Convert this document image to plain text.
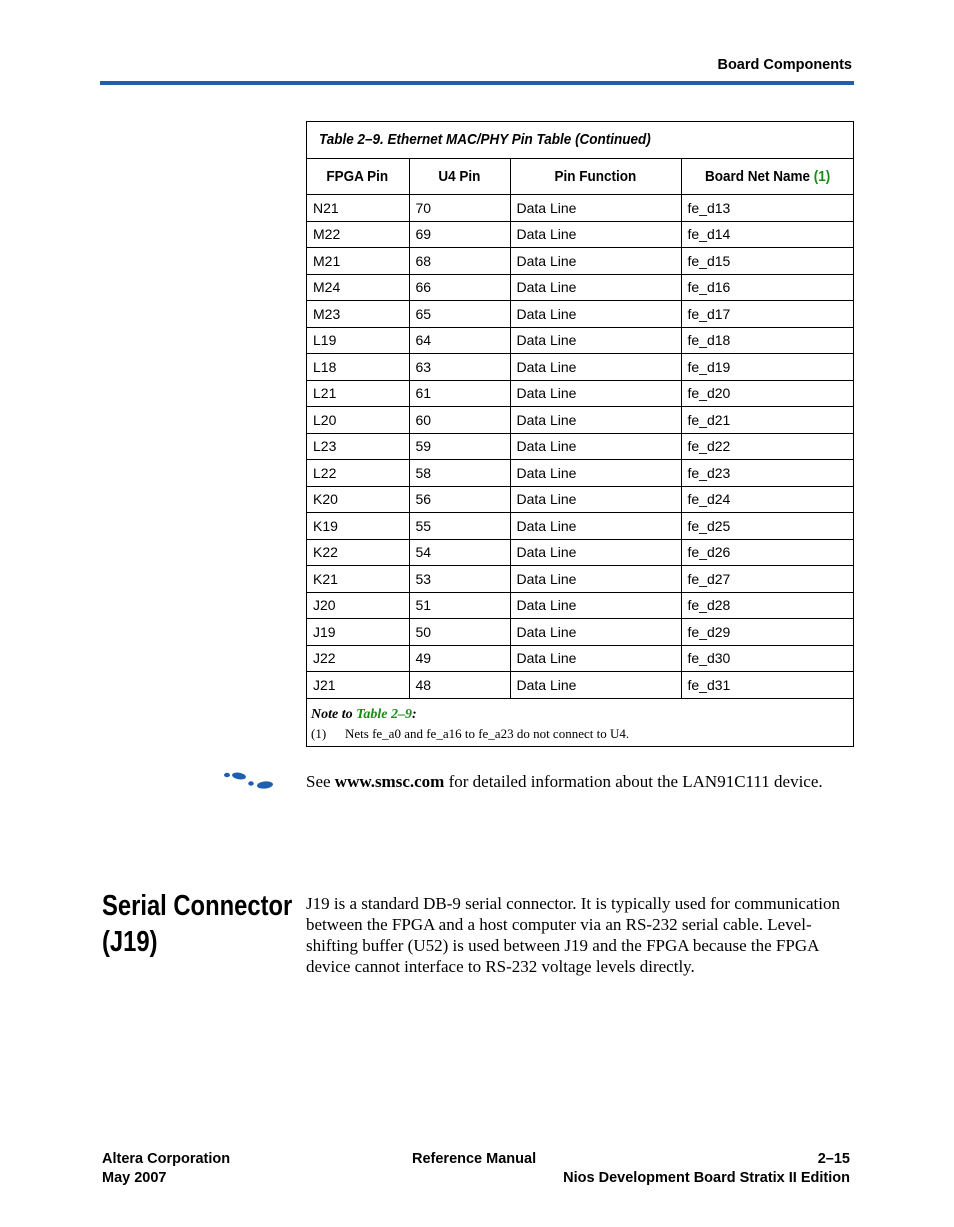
Board Components
Table 2–9. Ethernet MAC/PHY Pin Table (Continued)
FPGA Pin	U4 Pin	Pin Function	Board Net Name (1)
N21	70	Data Line	fe_d13
M22	69	Data Line	fe_d14
M21	68	Data Line	fe_d15
M24	66	Data Line	fe_d16
M23	65	Data Line	fe_d17
L19	64	Data Line	fe_d18
L18	63	Data Line	fe_d19
L21	61	Data Line	fe_d20
L20	60	Data Line	fe_d21
L23	59	Data Line	fe_d22
L22	58	Data Line	fe_d23
K20	56	Data Line	fe_d24
K19	55	Data Line	fe_d25
K22	54	Data Line	fe_d26
K21	53	Data Line	fe_d27
J20	51	Data Line	fe_d28
J19	50	Data Line	fe_d29
J22	49	Data Line	fe_d30
J21	48	Data Line	fe_d31
Note to Table 2–9:
(1) Nets fe_a0 and fe_a16 to fe_a23 do not connect to U4.
See www.smsc.com for detailed information about the LAN91C111 device.
Serial Connector
(J19)
J19 is a standard DB-9 serial connector. It is typically used for communication between the FPGA and a host computer via an RS-232 serial cable. Level-shifting buffer (U52) is used between J19 and the FPGA because the FPGA device cannot interface to RS-232 voltage levels directly.
Altera Corporation
May 2007
Reference Manual	2–15
Nios Development Board Stratix II Edition
